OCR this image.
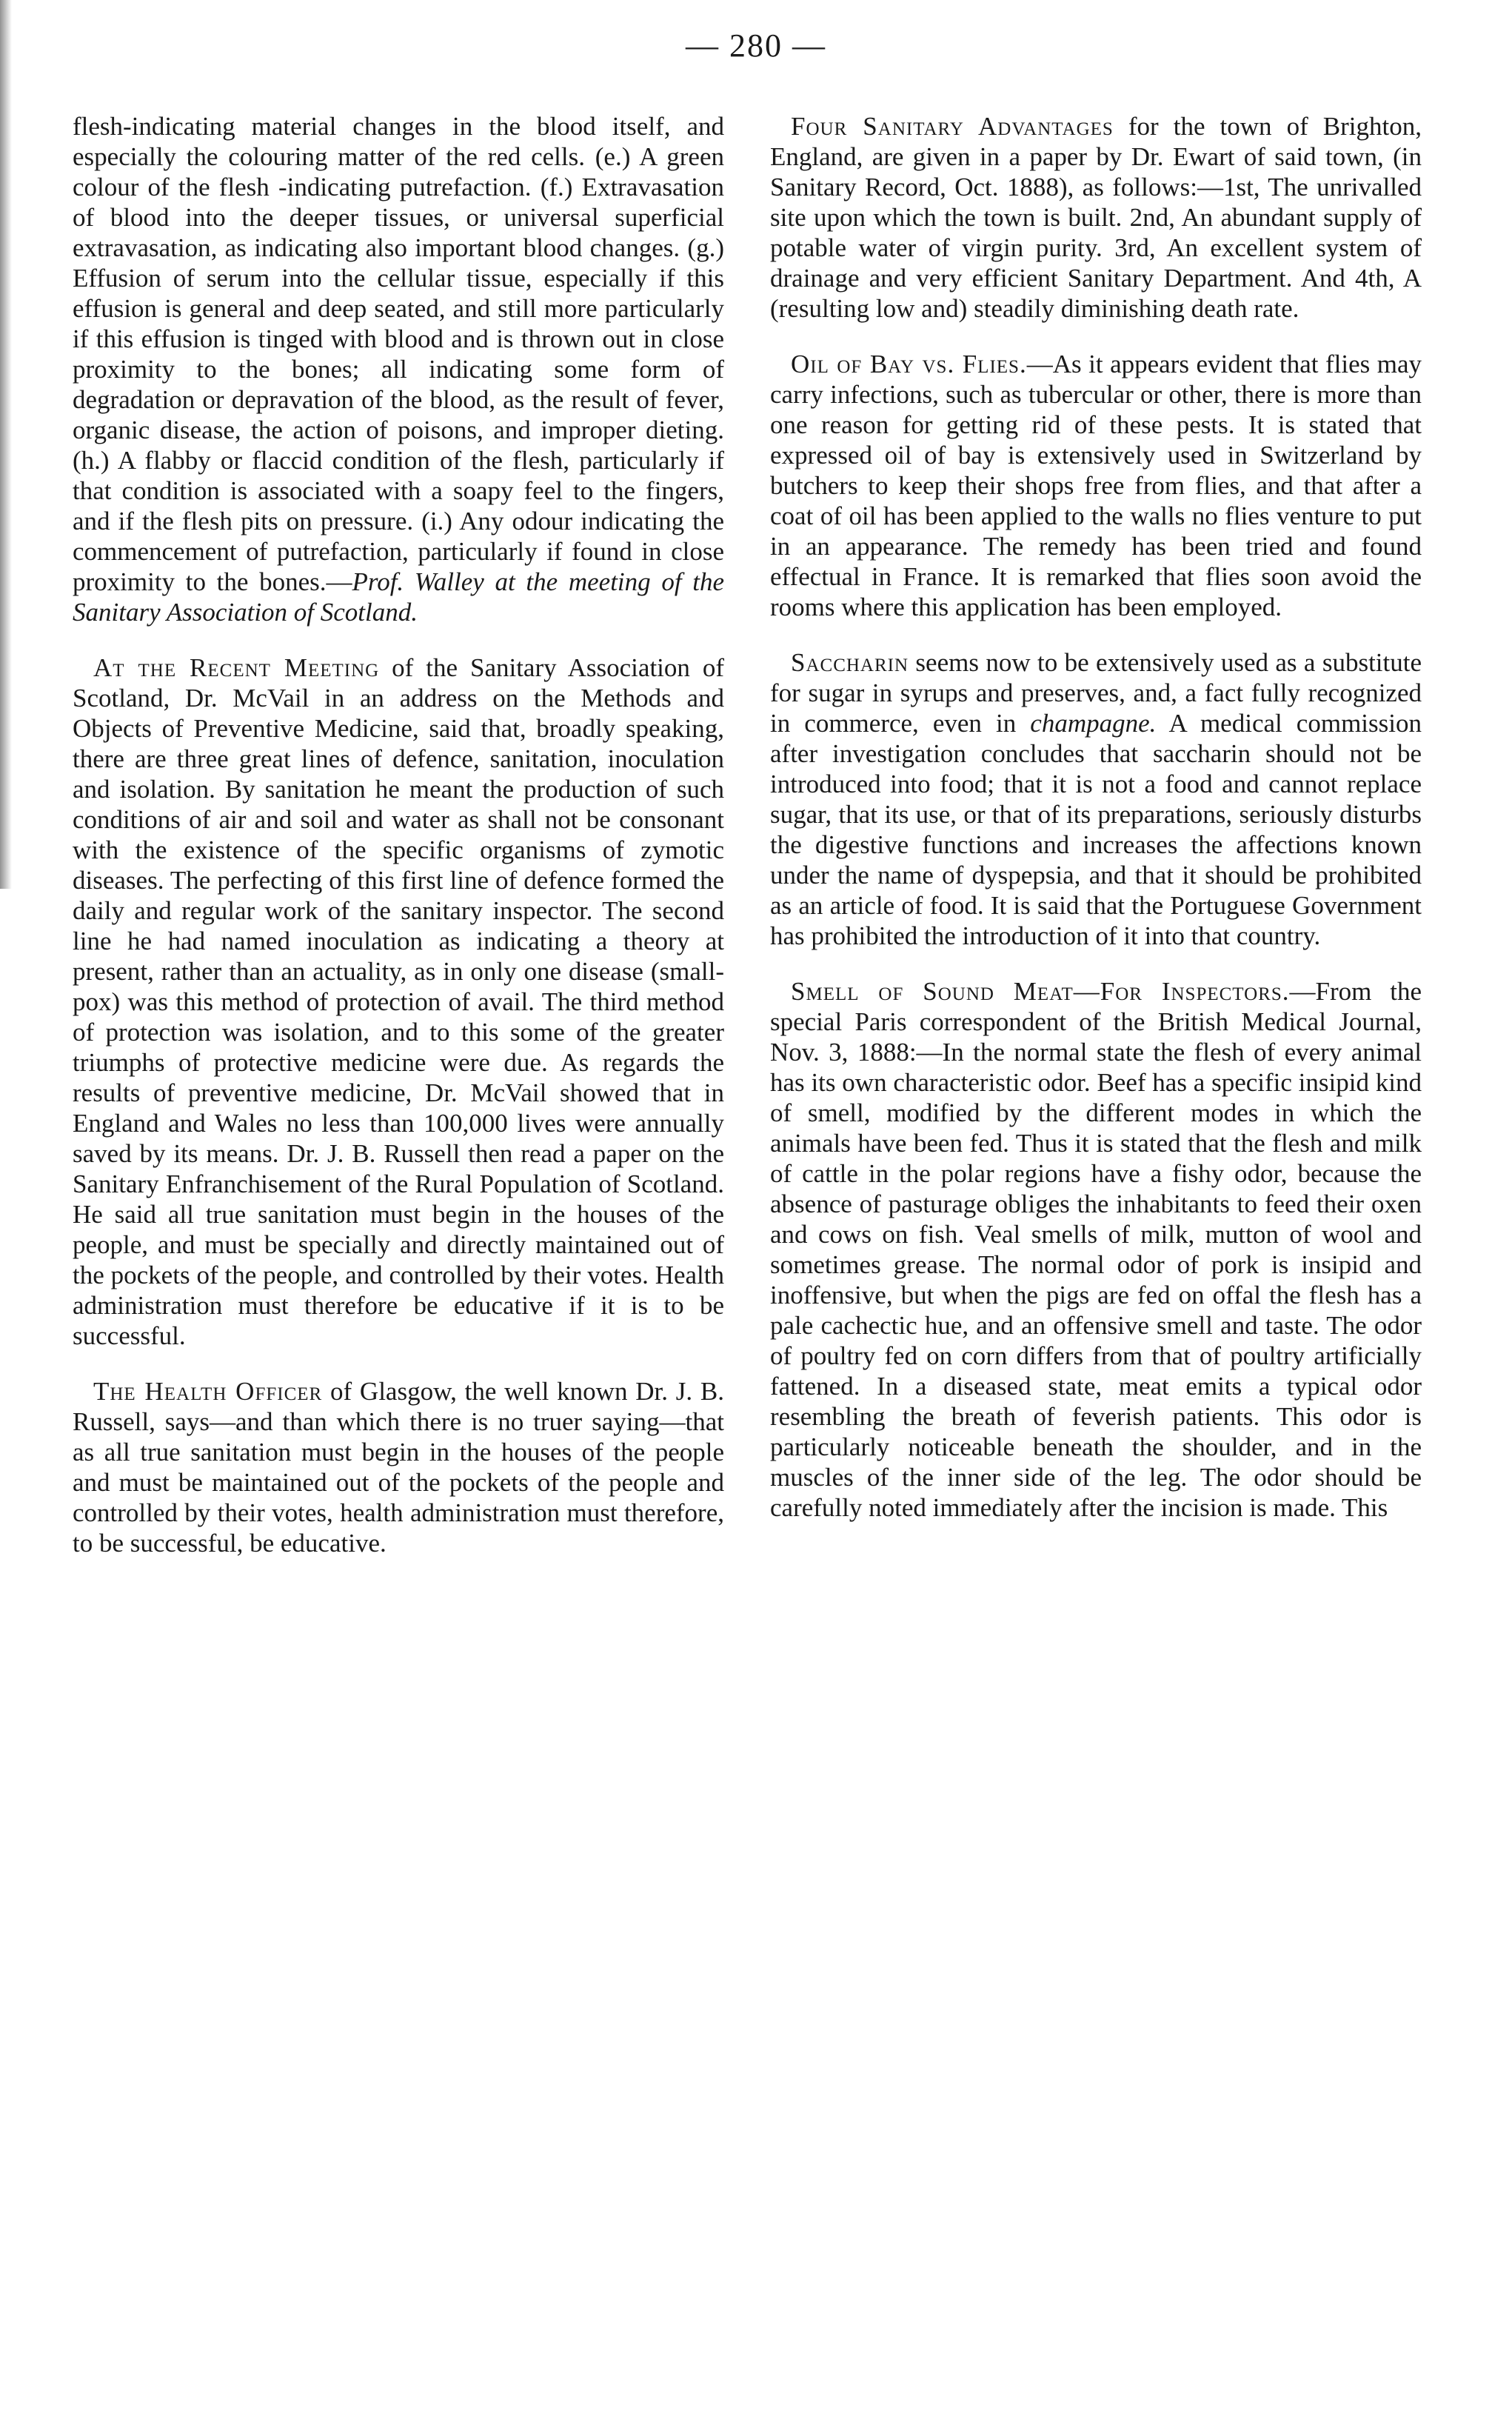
— 280 —

flesh-indicating material changes in the blood itself, and especially the colouring matter of the red cells. (e.) A green colour of the flesh -indicating putrefaction. (f.) Extravasation of blood into the deeper tissues, or universal superficial extravasation, as indicating also important blood changes. (g.) Effusion of serum into the cellular tissue, especially if this effusion is general and deep seated, and still more particularly if this effusion is tinged with blood and is thrown out in close proximity to the bones; all indicating some form of degradation or depravation of the blood, as the result of fever, organic disease, the action of poisons, and improper dieting. (h.) A flabby or flaccid condition of the flesh, particularly if that condition is associated with a soapy feel to the fingers, and if the flesh pits on pressure. (i.) Any odour indicating the commencement of putrefaction, particularly if found in close proximity to the bones.—Prof. Walley at the meeting of the Sanitary Association of Scotland.

At the Recent Meeting of the Sanitary Association of Scotland, Dr. McVail in an address on the Methods and Objects of Preventive Medicine, said that, broadly speaking, there are three great lines of defence, sanitation, inoculation and isolation. By sanitation he meant the production of such conditions of air and soil and water as shall not be consonant with the existence of the specific organisms of zymotic diseases. The perfecting of this first line of defence formed the daily and regular work of the sanitary inspector. The second line he had named inoculation as indicating a theory at present, rather than an actuality, as in only one disease (small-pox) was this method of protection of avail. The third method of protection was isolation, and to this some of the greater triumphs of protective medicine were due. As regards the results of preventive medicine, Dr. McVail showed that in England and Wales no less than 100,000 lives were annually saved by its means. Dr. J. B. Russell then read a paper on the Sanitary Enfranchisement of the Rural Population of Scotland. He said all true sanitation must begin in the houses of the people, and must be specially and directly maintained out of the pockets of the people, and controlled by their votes. Health administration must therefore be educative if it is to be successful.

The Health Officer of Glasgow, the well known Dr. J. B. Russell, says—and than which there is no truer saying—that as all true sanitation must begin in the houses of the people and must be maintained out of the pockets of the people and controlled by their votes, health administration must therefore, to be successful, be educative.

Four Sanitary Advantages for the town of Brighton, England, are given in a paper by Dr. Ewart of said town, (in Sanitary Record, Oct. 1888), as follows:—1st, The unrivalled site upon which the town is built. 2nd, An abundant supply of potable water of virgin purity. 3rd, An excellent system of drainage and very efficient Sanitary Department. And 4th, A (resulting low and) steadily diminishing death rate.

Oil of Bay vs. Flies.—As it appears evident that flies may carry infections, such as tubercular or other, there is more than one reason for getting rid of these pests. It is stated that expressed oil of bay is extensively used in Switzerland by butchers to keep their shops free from flies, and that after a coat of oil has been applied to the walls no flies venture to put in an appearance. The remedy has been tried and found effectual in France. It is remarked that flies soon avoid the rooms where this application has been employed.

Saccharin seems now to be extensively used as a substitute for sugar in syrups and preserves, and, a fact fully recognized in commerce, even in champagne. A medical commission after investigation concludes that saccharin should not be introduced into food; that it is not a food and cannot replace sugar, that its use, or that of its preparations, seriously disturbs the digestive functions and increases the affections known under the name of dyspepsia, and that it should be prohibited as an article of food. It is said that the Portuguese Government has prohibited the introduction of it into that country.

Smell of Sound Meat—For Inspectors.—From the special Paris correspondent of the British Medical Journal, Nov. 3, 1888:—In the normal state the flesh of every animal has its own characteristic odor. Beef has a specific insipid kind of smell, modified by the different modes in which the animals have been fed. Thus it is stated that the flesh and milk of cattle in the polar regions have a fishy odor, because the absence of pasturage obliges the inhabitants to feed their oxen and cows on fish. Veal smells of milk, mutton of wool and sometimes grease. The normal odor of pork is insipid and inoffensive, but when the pigs are fed on offal the flesh has a pale cachectic hue, and an offensive smell and taste. The odor of poultry fed on corn differs from that of poultry artificially fattened. In a diseased state, meat emits a typical odor resembling the breath of feverish patients. This odor is particularly noticeable beneath the shoulder, and in the muscles of the inner side of the leg. The odor should be carefully noted immediately after the incision is made. This
